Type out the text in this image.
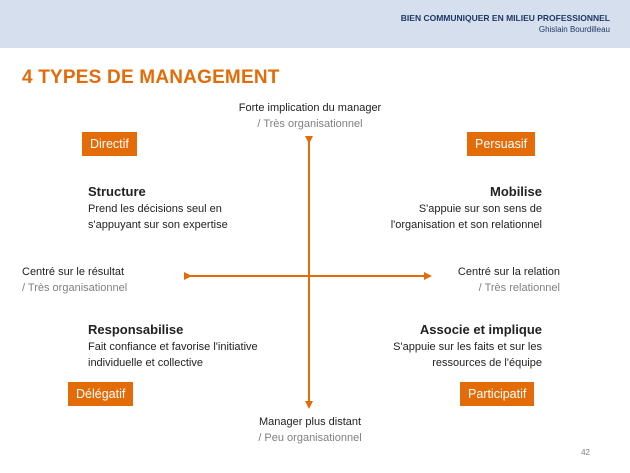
BIEN COMMUNIQUER EN MILIEU PROFESSIONNEL
Ghislain Bourdilleau
4 TYPES DE MANAGEMENT
Forte implication du manager
/ Très organisationnel
Manager plus distant
/ Peu organisationnel
Centré sur le résultat
/ Très organisationnel
Centré sur la relation
/ Très relationnel
Directif	Persuasif
Délégatif	Participatif
Structure
Prend les décisions seul en
s'appuyant sur son expertise
Mobilise
S'appuie sur son sens de
l'organisation et son relationnel
Responsabilise
Fait confiance et favorise l'initiative
individuelle et collective
Associe et implique
S'appuie sur les faits et sur les
ressources de l'équipe
42
